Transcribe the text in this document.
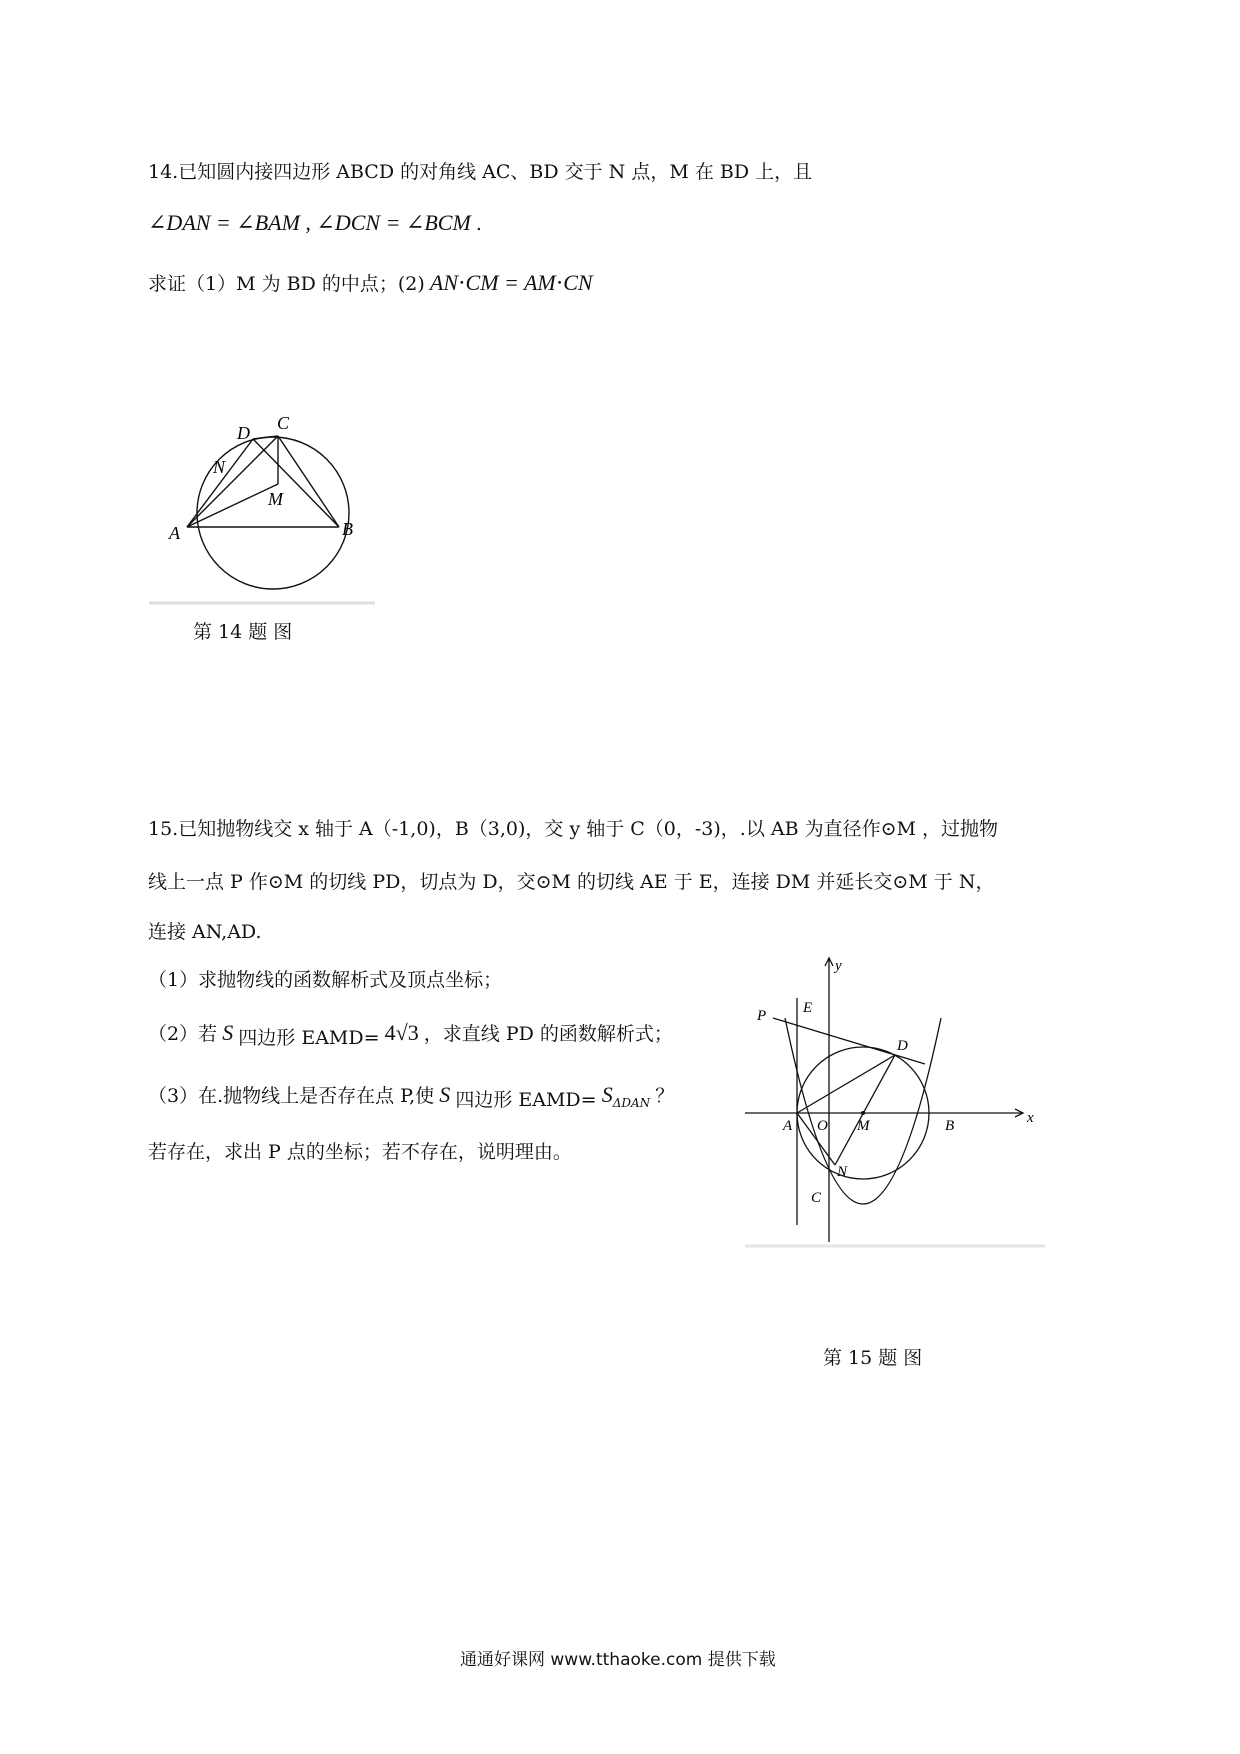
14.已知圆内接四边形 ABCD 的对角线 AC、BD 交于 N 点，M 在 BD 上，且
∠DAN = ∠BAM , ∠DCN = ∠BCM .
求证（1）M 为 BD 的中点；(2) AN⋅CM = AM⋅CN
A	B
C
D
N
M
第 14 题 图
15.已知抛物线交 x 轴于 A（-1,0)，B（3,0)，交 y 轴于 C（0，-3)，.以 AB 为直径作⊙M ，过抛物
线上一点 P 作⊙M 的切线 PD，切点为 D，交⊙M 的切线 AE 于 E，连接 DM 并延长交⊙M 于 N，
连接 AN,AD.
（1）求抛物线的函数解析式及顶点坐标；
（2）若 S 四边形 EAMD= 4√3 ，求直线 PD 的函数解析式；
（3）在.抛物线上是否存在点 P,使 S 四边形 EAMD= $S_{\Delta DAN}$ ？
若存在，求出 P 点的坐标；若不存在，说明理由。
y
x
P E
D
A O M	B
N
C
第 15 题 图
通通好课网 www.tthaoke.com 提供下载
